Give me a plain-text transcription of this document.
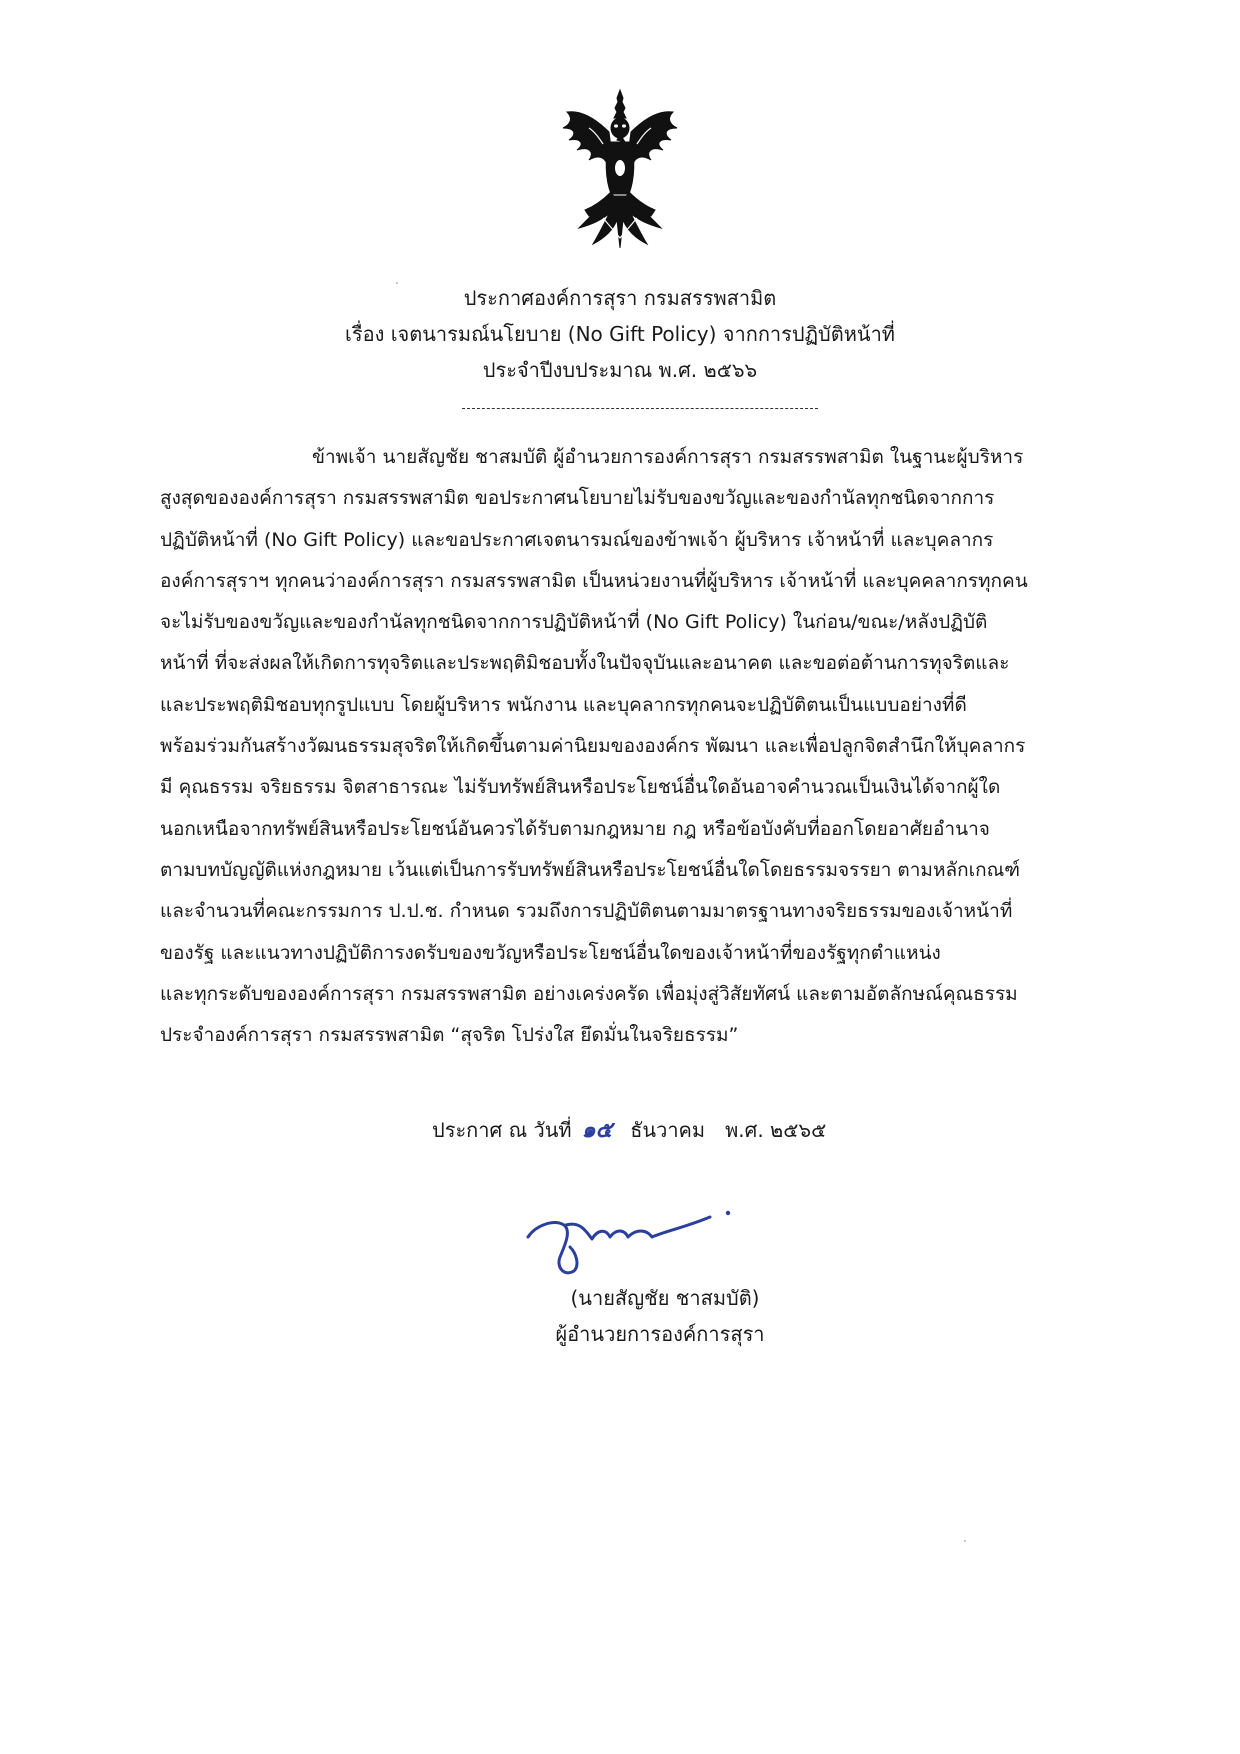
ประกาศองค์การสุรา กรมสรรพสามิต
เรื่อง เจตนารมณ์นโยบาย (No Gift Policy) จากการปฏิบัติหน้าที่
ประจำปีงบประมาณ พ.ศ. ๒๕๖๖
ข้าพเจ้า นายสัญชัย ชาสมบัติ ผู้อำนวยการองค์การสุรา กรมสรรพสามิต ในฐานะผู้บริหาร
สูงสุดขององค์การสุรา กรมสรรพสามิต ขอประกาศนโยบายไม่รับของขวัญและของกำนัลทุกชนิดจากการ
ปฏิบัติหน้าที่ (No Gift Policy) และขอประกาศเจตนารมณ์ของข้าพเจ้า ผู้บริหาร เจ้าหน้าที่ และบุคลากร
องค์การสุราฯ ทุกคนว่าองค์การสุรา กรมสรรพสามิต เป็นหน่วยงานที่ผู้บริหาร เจ้าหน้าที่ และบุคคลากรทุกคน
จะไม่รับของขวัญและของกำนัลทุกชนิดจากการปฏิบัติหน้าที่ (No Gift Policy) ในก่อน/ขณะ/หลังปฏิบัติ
หน้าที่ ที่จะส่งผลให้เกิดการทุจริตและประพฤติมิชอบทั้งในปัจจุบันและอนาคต และขอต่อต้านการทุจริตและ
และประพฤติมิชอบทุกรูปแบบ โดยผู้บริหาร พนักงาน และบุคลากรทุกคนจะปฏิบัติตนเป็นแบบอย่างที่ดี
พร้อมร่วมกันสร้างวัฒนธรรมสุจริตให้เกิดขึ้นตามค่านิยมขององค์กร พัฒนา และเพื่อปลูกจิตสำนึกให้บุคลากร
มี คุณธรรม จริยธรรม จิตสาธารณะ ไม่รับทรัพย์สินหรือประโยชน์อื่นใดอันอาจคำนวณเป็นเงินได้จากผู้ใด
นอกเหนือจากทรัพย์สินหรือประโยชน์อันควรได้รับตามกฎหมาย กฎ หรือข้อบังคับที่ออกโดยอาศัยอำนาจ
ตามบทบัญญัติแห่งกฎหมาย เว้นแต่เป็นการรับทรัพย์สินหรือประโยชน์อื่นใดโดยธรรมจรรยา ตามหลักเกณฑ์
และจำนวนที่คณะกรรมการ ป.ป.ช. กำหนด รวมถึงการปฏิบัติตนตามมาตรฐานทางจริยธรรมของเจ้าหน้าที่
ของรัฐ และแนวทางปฏิบัติการงดรับของขวัญหรือประโยชน์อื่นใดของเจ้าหน้าที่ของรัฐทุกตำแหน่ง
และทุกระดับขององค์การสุรา กรมสรรพสามิต อย่างเคร่งครัด เพื่อมุ่งสู่วิสัยทัศน์ และตามอัตลักษณ์คุณธรรม
ประจำองค์การสุรา กรมสรรพสามิต “สุจริต โปร่งใส ยึดมั่นในจริยธรรม”
ประกาศ ณ วันที่ ๑๕ ธันวาคม พ.ศ. ๒๕๖๕
(นายสัญชัย ชาสมบัติ)
ผู้อำนวยการองค์การสุรา
